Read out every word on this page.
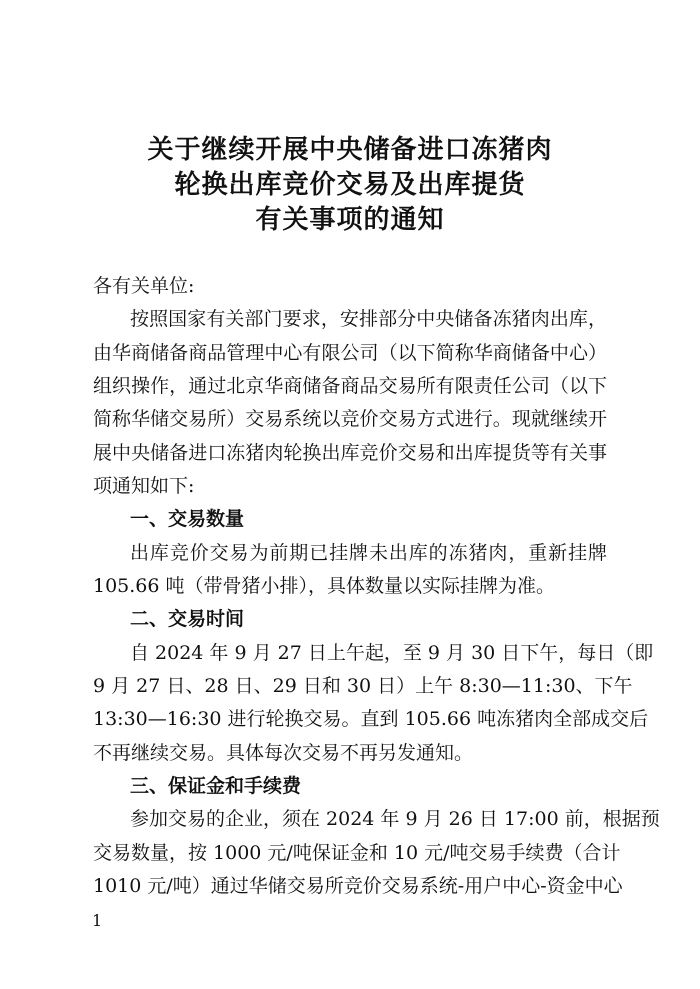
关于继续开展中央储备进口冻猪肉
轮换出库竞价交易及出库提货
有关事项的通知
各有关单位:
按照国家有关部门要求，安排部分中央储备冻猪肉出库，
由华商储备商品管理中心有限公司（以下简称华商储备中心）
组织操作，通过北京华商储备商品交易所有限责任公司（以下
简称华储交易所）交易系统以竞价交易方式进行。现就继续开
展中央储备进口冻猪肉轮换出库竞价交易和出库提货等有关事
项通知如下:
一、交易数量
出库竞价交易为前期已挂牌未出库的冻猪肉，重新挂牌
105.66 吨（带骨猪小排），具体数量以实际挂牌为准。
二、交易时间
自 2024 年 9 月 27 日上午起，至 9 月 30 日下午，每日（即
9 月 27 日、28 日、29 日和 30 日）上午 8:30—11:30、下午
13:30—16:30 进行轮换交易。直到 105.66 吨冻猪肉全部成交后
不再继续交易。具体每次交易不再另发通知。
三、保证金和手续费
参加交易的企业，须在 2024 年 9 月 26 日 17:00 前，根据预
交易数量，按 1000 元/吨保证金和 10 元/吨交易手续费（合计
1010 元/吨）通过华储交易所竞价交易系统-用户中心-资金中心
1
